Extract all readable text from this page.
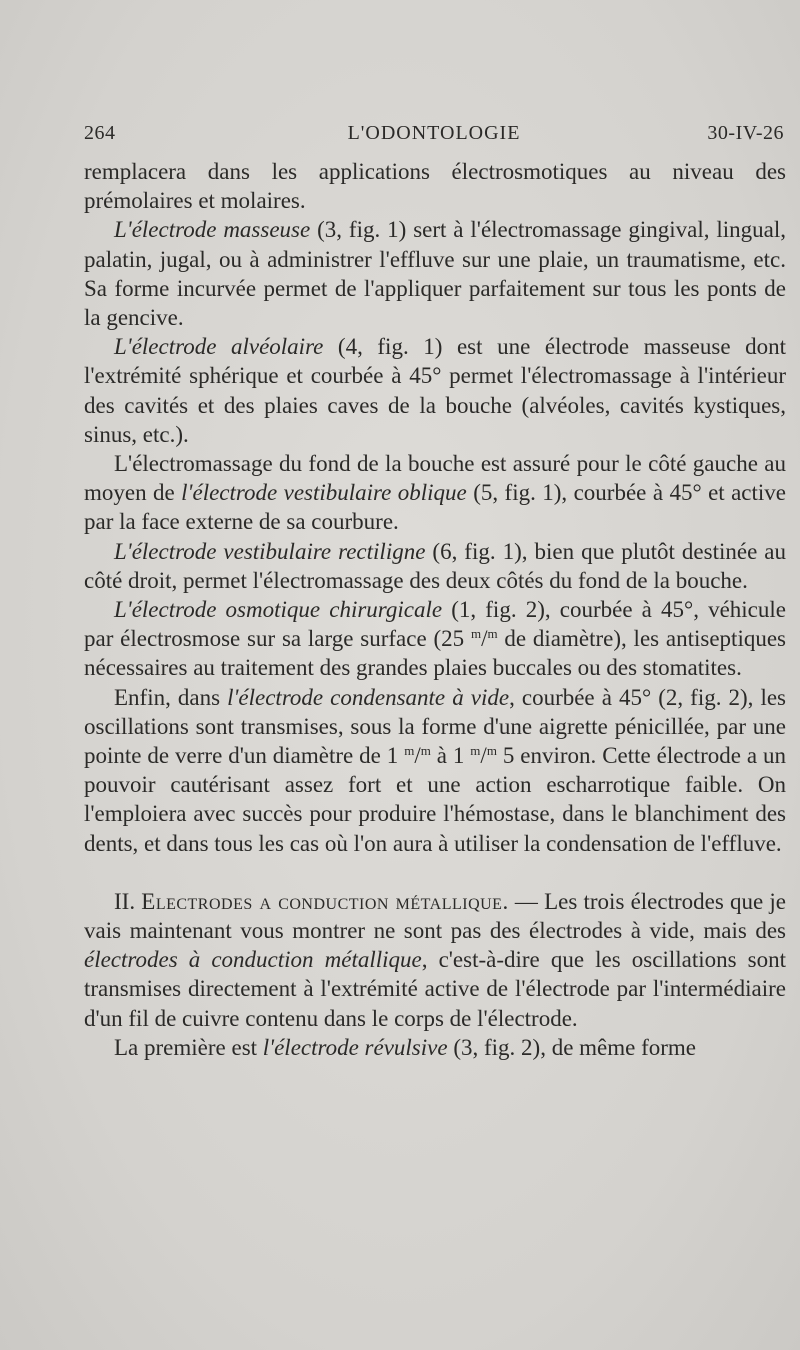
264	L'ODONTOLOGIE	30-IV-26

remplacera dans les applications électrosmotiques au niveau des prémolaires et molaires.

L'électrode masseuse (3, fig. 1) sert à l'électromassage gingival, lingual, palatin, jugal, ou à administrer l'effluve sur une plaie, un traumatisme, etc. Sa forme incurvée permet de l'appliquer parfaitement sur tous les ponts de la gencive.

L'électrode alvéolaire (4, fig. 1) est une électrode masseuse dont l'extrémité sphérique et courbée à 45° permet l'électromassage à l'intérieur des cavités et des plaies caves de la bouche (alvéoles, cavités kystiques, sinus, etc.).

L'électromassage du fond de la bouche est assuré pour le côté gauche au moyen de l'électrode vestibulaire oblique (5, fig. 1), courbée à 45° et active par la face externe de sa courbure.

L'électrode vestibulaire rectiligne (6, fig. 1), bien que plutôt destinée au côté droit, permet l'électromassage des deux côtés du fond de la bouche.

L'électrode osmotique chirurgicale (1, fig. 2), courbée à 45°, véhicule par électrosmose sur sa large surface (25 $^m$/$^m$ de diamètre), les antiseptiques nécessaires au traitement des grandes plaies buccales ou des stomatites.

Enfin, dans l'électrode condensante à vide, courbée à 45° (2, fig. 2), les oscillations sont transmises, sous la forme d'une aigrette pénicillée, par une pointe de verre d'un diamètre de 1 $^m$/$^m$ à 1 $^m$/$^m$ 5 environ. Cette électrode a un pouvoir cautérisant assez fort et une action escharrotique faible. On l'emploiera avec succès pour produire l'hémostase, dans le blanchiment des dents, et dans tous les cas où l'on aura à utiliser la condensation de l'effluve.

II. Electrodes a conduction métallique. — Les trois électrodes que je vais maintenant vous montrer ne sont pas des électrodes à vide, mais des électrodes à conduction métallique, c'est-à-dire que les oscillations sont transmises directement à l'extrémité active de l'électrode par l'intermédiaire d'un fil de cuivre contenu dans le corps de l'électrode.

La première est l'électrode révulsive (3, fig. 2), de même forme
